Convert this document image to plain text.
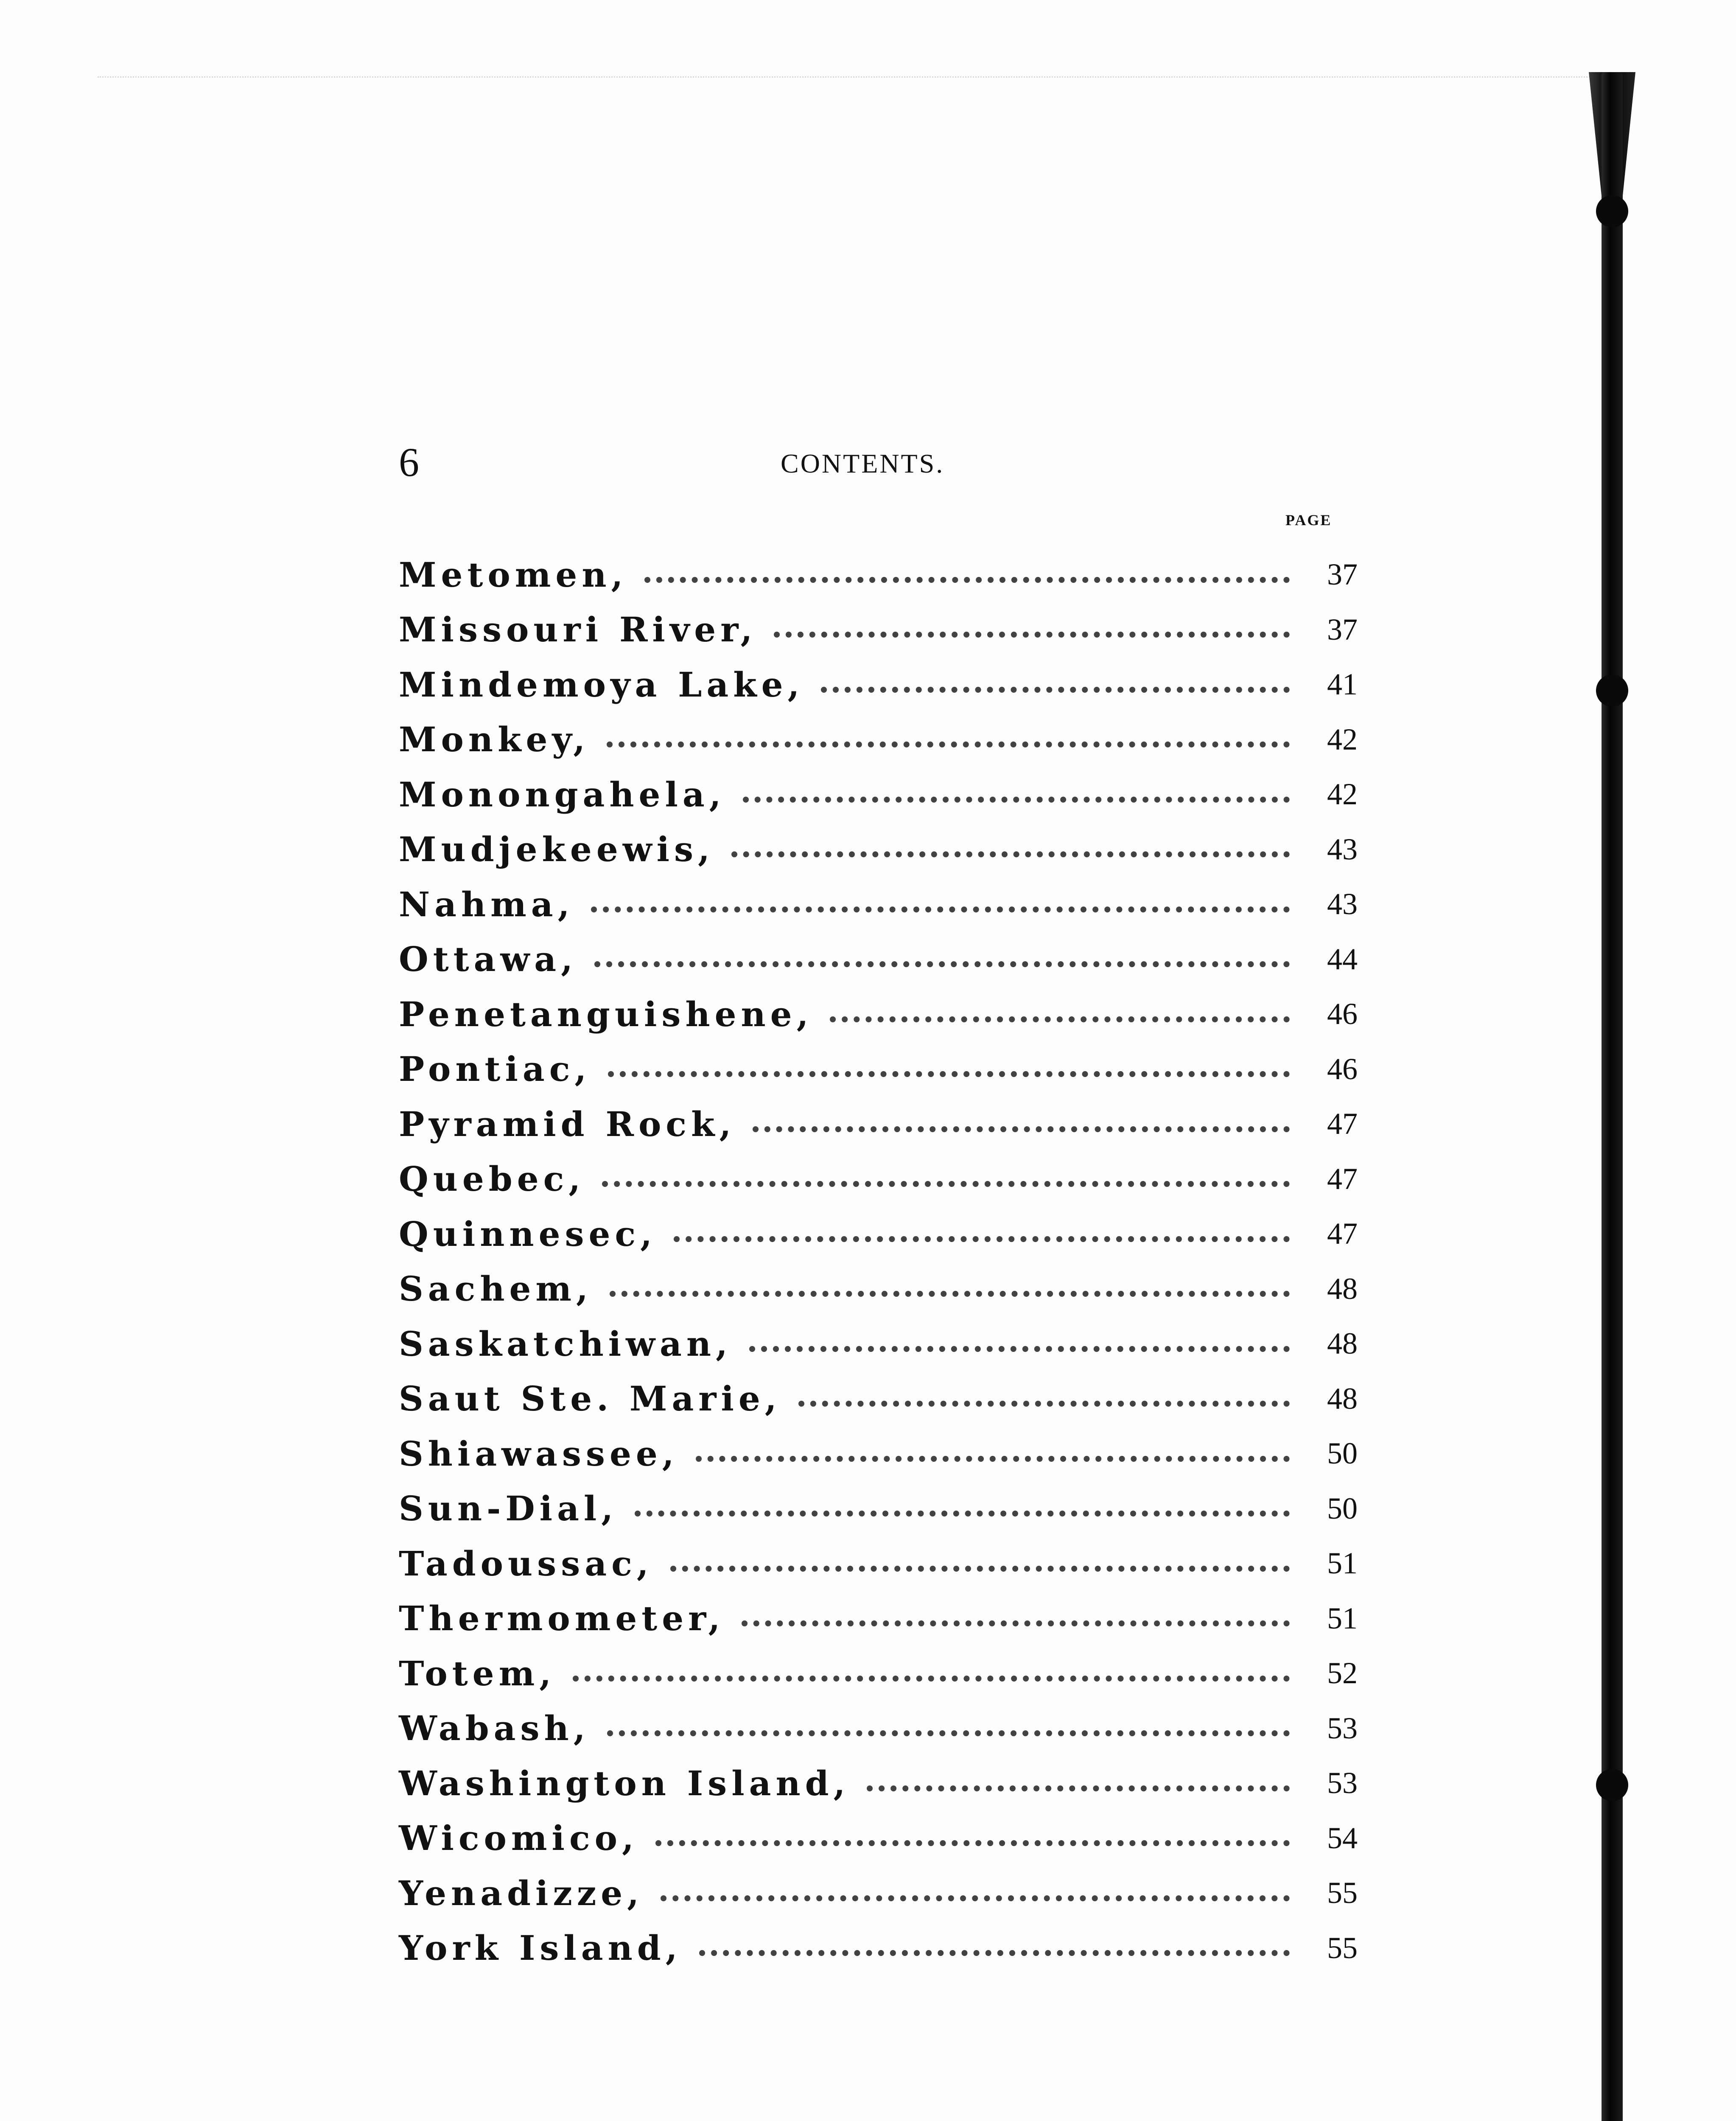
6	CONTENTS.
PAGE
Metomen,	37
Missouri River,	37
Mindemoya Lake,	41
Monkey,	42
Monongahela,	42
Mudjekeewis,	43
Nahma,	43
Ottawa,	44
Penetanguishene,	46
Pontiac,	46
Pyramid Rock,	47
Quebec,	47
Quinnesec,	47
Sachem,	48
Saskatchiwan,	48
Saut Ste. Marie,	48
Shiawassee,	50
Sun-Dial,	50
Tadoussac,	51
Thermometer,	51
Totem,	52
Wabash,	53
Washington Island,	53
Wicomico,	54
Yenadizze,	55
York Island,	55
